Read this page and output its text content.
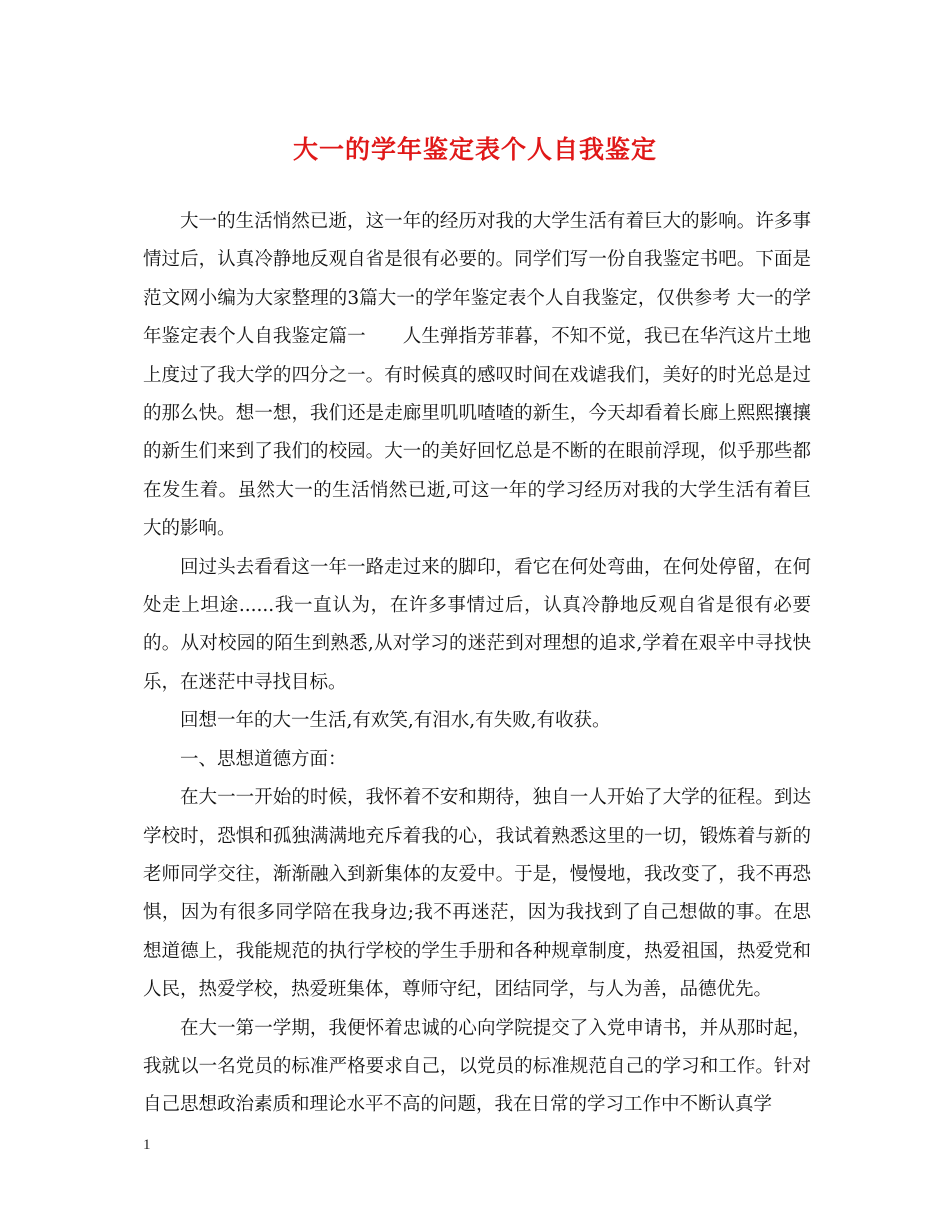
大一的学年鉴定表个人自我鉴定

大一的生活悄然已逝，这一年的经历对我的大学生活有着巨大的影响。许多事情过后，认真冷静地反观自省是很有必要的。同学们写一份自我鉴定书吧。下面是范文网小编为大家整理的3篇大一的学年鉴定表个人自我鉴定，仅供参考 大一的学年鉴定表个人自我鉴定篇一　　人生弹指芳菲暮，不知不觉，我已在华汽这片土地上度过了我大学的四分之一。有时候真的感叹时间在戏谑我们，美好的时光总是过的那么快。想一想，我们还是走廊里叽叽喳喳的新生，今天却看着长廊上熙熙攘攘的新生们来到了我们的校园。大一的美好回忆总是不断的在眼前浮现，似乎那些都在发生着。虽然大一的生活悄然已逝,可这一年的学习经历对我的大学生活有着巨大的影响。

回过头去看看这一年一路走过来的脚印，看它在何处弯曲，在何处停留，在何处走上坦途......我一直认为，在许多事情过后，认真冷静地反观自省是很有必要的。从对校园的陌生到熟悉,从对学习的迷茫到对理想的追求,学着在艰辛中寻找快乐，在迷茫中寻找目标。

回想一年的大一生活,有欢笑,有泪水,有失败,有收获。

一、思想道德方面：

在大一一开始的时候，我怀着不安和期待，独自一人开始了大学的征程。到达学校时，恐惧和孤独满满地充斥着我的心，我试着熟悉这里的一切，锻炼着与新的老师同学交往，渐渐融入到新集体的友爱中。于是，慢慢地，我改变了，我不再恐惧，因为有很多同学陪在我身边;我不再迷茫，因为我找到了自己想做的事。在思想道德上，我能规范的执行学校的学生手册和各种规章制度，热爱祖国，热爱党和人民，热爱学校，热爱班集体，尊师守纪，团结同学，与人为善，品德优先。

在大一第一学期，我便怀着忠诚的心向学院提交了入党申请书，并从那时起，我就以一名党员的标准严格要求自己，以党员的标准规范自己的学习和工作。针对自己思想政治素质和理论水平不高的问题，我在日常的学习工作中不断认真学

1
